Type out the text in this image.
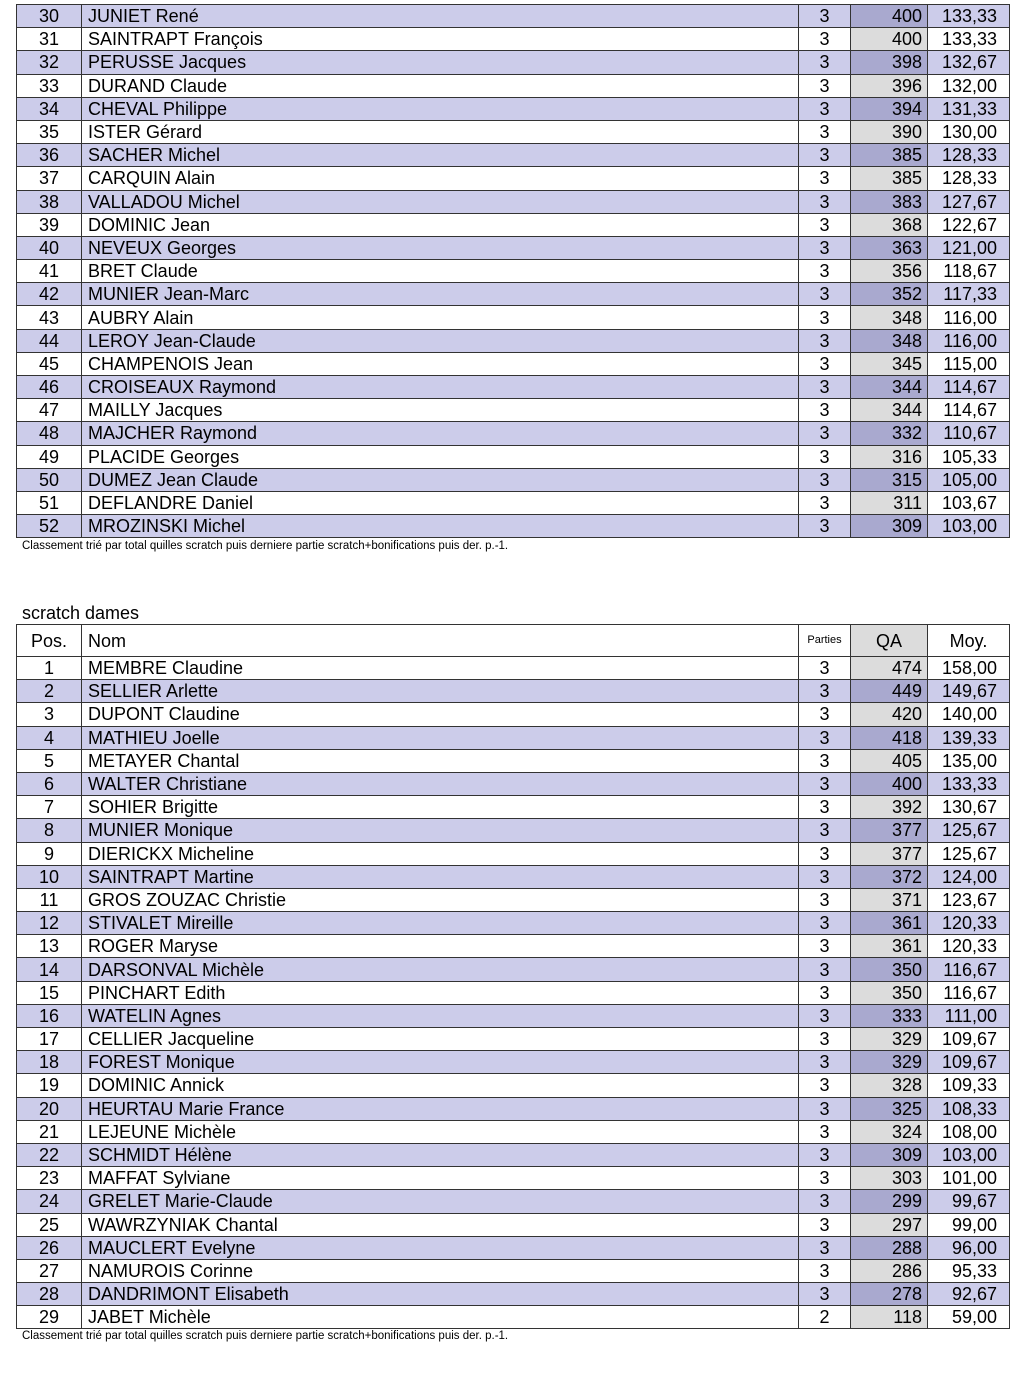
30	JUNIET René	3	400	133,33
31	SAINTRAPT François	3	400	133,33
32	PERUSSE Jacques	3	398	132,67
33	DURAND Claude	3	396	132,00
34	CHEVAL Philippe	3	394	131,33
35	ISTER Gérard	3	390	130,00
36	SACHER Michel	3	385	128,33
37	CARQUIN Alain	3	385	128,33
38	VALLADOU Michel	3	383	127,67
39	DOMINIC Jean	3	368	122,67
40	NEVEUX Georges	3	363	121,00
41	BRET Claude	3	356	118,67
42	MUNIER Jean-Marc	3	352	117,33
43	AUBRY Alain	3	348	116,00
44	LEROY Jean-Claude	3	348	116,00
45	CHAMPENOIS Jean	3	345	115,00
46	CROISEAUX Raymond	3	344	114,67
47	MAILLY Jacques	3	344	114,67
48	MAJCHER Raymond	3	332	110,67
49	PLACIDE Georges	3	316	105,33
50	DUMEZ Jean Claude	3	315	105,00
51	DEFLANDRE Daniel	3	311	103,67
52	MROZINSKI Michel	3	309	103,00
Classement trié par total quilles scratch puis derniere partie scratch+bonifications puis der. p.-1.
scratch dames
Pos.	Nom	Parties	QA	Moy.
1	MEMBRE Claudine	3	474	158,00
2	SELLIER Arlette	3	449	149,67
3	DUPONT Claudine	3	420	140,00
4	MATHIEU Joelle	3	418	139,33
5	METAYER Chantal	3	405	135,00
6	WALTER Christiane	3	400	133,33
7	SOHIER Brigitte	3	392	130,67
8	MUNIER Monique	3	377	125,67
9	DIERICKX Micheline	3	377	125,67
10	SAINTRAPT Martine	3	372	124,00
11	GROS ZOUZAC Christie	3	371	123,67
12	STIVALET Mireille	3	361	120,33
13	ROGER Maryse	3	361	120,33
14	DARSONVAL Michèle	3	350	116,67
15	PINCHART Edith	3	350	116,67
16	WATELIN Agnes	3	333	111,00
17	CELLIER Jacqueline	3	329	109,67
18	FOREST Monique	3	329	109,67
19	DOMINIC Annick	3	328	109,33
20	HEURTAU Marie France	3	325	108,33
21	LEJEUNE Michèle	3	324	108,00
22	SCHMIDT Hélène	3	309	103,00
23	MAFFAT Sylviane	3	303	101,00
24	GRELET Marie-Claude	3	299	99,67
25	WAWRZYNIAK Chantal	3	297	99,00
26	MAUCLERT Evelyne	3	288	96,00
27	NAMUROIS Corinne	3	286	95,33
28	DANDRIMONT Elisabeth	3	278	92,67
29	JABET Michèle	2	118	59,00
Classement trié par total quilles scratch puis derniere partie scratch+bonifications puis der. p.-1.
